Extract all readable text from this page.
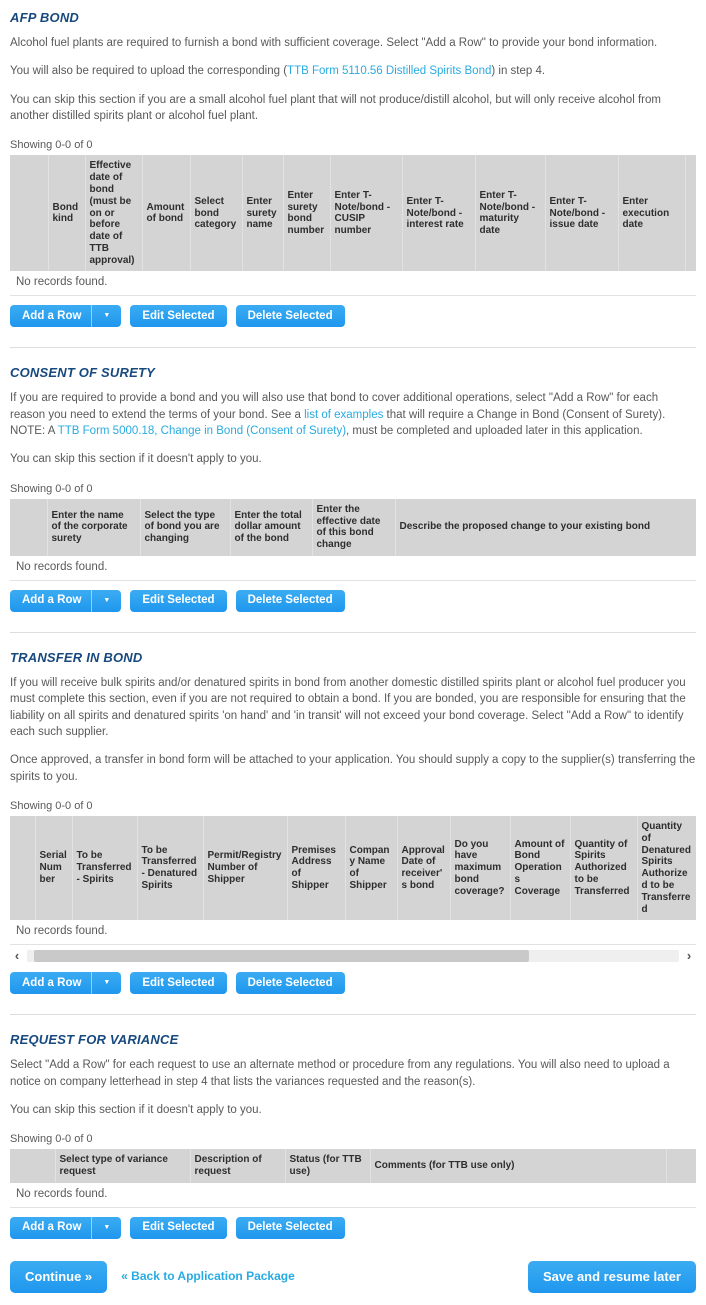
AFP BOND

Alcohol fuel plants are required to furnish a bond with sufficient coverage. Select "Add a Row" to provide your bond information.

You will also be required to upload the corresponding (TTB Form 5110.56 Distilled Spirits Bond) in step 4.

You can skip this section if you are a small alcohol fuel plant that will not produce/distill alcohol, but will only receive alcohol from another distilled spirits plant or alcohol fuel plant.

Showing 0-0 of 0
	Bond kind	Effective date of bond (must be on or before date of TTB approval)	Amount of bond	Select bond category	Enter surety name	Enter surety bond number	Enter T-Note/bond - CUSIP number	Enter T-Note/bond - interest rate	Enter T-Note/bond - maturity date	Enter T-Note/bond - issue date	Enter execution date	
No records found.
Add a Row	▼	Edit Selected	Delete Selected
CONSENT OF SURETY

If you are required to provide a bond and you will also use that bond to cover additional operations, select "Add a Row" for each reason you need to extend the terms of your bond. See a list of examples that will require a Change in Bond (Consent of Surety). NOTE: A TTB Form 5000.18, Change in Bond (Consent of Surety), must be completed and uploaded later in this application.

You can skip this section if it doesn't apply to you.

Showing 0-0 of 0
	Enter the name of the corporate surety	Select the type of bond you are changing	Enter the total dollar amount of the bond	Enter the effective date of this bond change	Describe the proposed change to your existing bond
No records found.
Add a Row	▼	Edit Selected	Delete Selected
TRANSFER IN BOND

If you will receive bulk spirits and/or denatured spirits in bond from another domestic distilled spirits plant or alcohol fuel producer you must complete this section, even if you are not required to obtain a bond. If you are bonded, you are responsible for ensuring that the liability on all spirits and denatured spirits 'on hand' and 'in transit' will not exceed your bond coverage. Select "Add a Row" to identify each such supplier.

Once approved, a transfer in bond form will be attached to your application. You should supply a copy to the supplier(s) transferring the spirits to you.

Showing 0-0 of 0
	Serial Number	To be Transferred - Spirits	To be Transferred - Denatured Spirits	Permit/Registry Number of Shipper	Premises Address of Shipper	Company Name of Shipper	Approval Date of receiver's bond	Do you have maximum bond coverage?	Amount of Bond Operations Coverage	Quantity of Spirits Authorized to be Transferred	Quantity of Denatured Spirits Authorized to be Transferred
No records found.
‹	›
Add a Row	▼	Edit Selected	Delete Selected
REQUEST FOR VARIANCE

Select "Add a Row" for each request to use an alternate method or procedure from any regulations. You will also need to upload a notice on company letterhead in step 4 that lists the variances requested and the reason(s).

You can skip this section if it doesn't apply to you.

Showing 0-0 of 0
	Select type of variance request	Description of request	Status (for TTB use)	Comments (for TTB use only)	
No records found.
Add a Row	▼	Edit Selected	Delete Selected
Continue »	« Back to Application Package	Save and resume later
